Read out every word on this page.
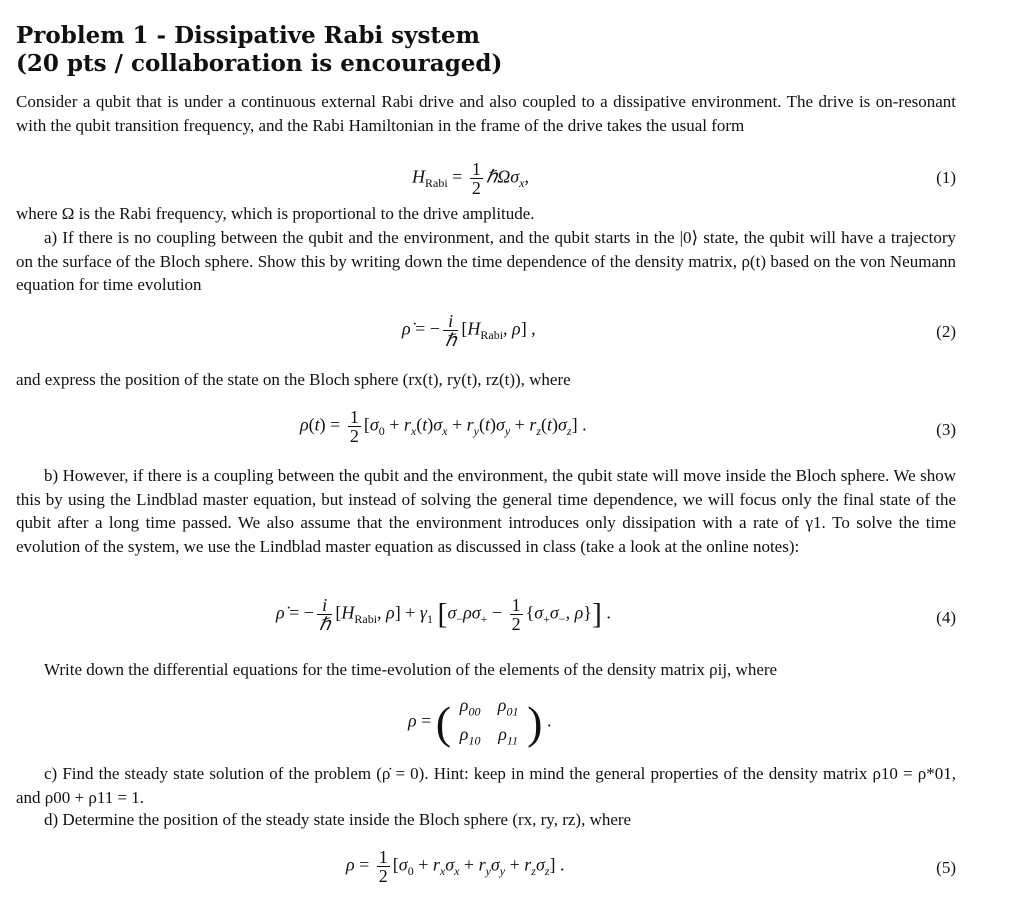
Problem 1 - Dissipative Rabi system
(20 pts / collaboration is encouraged)
Consider a qubit that is under a continuous external Rabi drive and also coupled to a dissipative environment. The drive is on-resonant with the qubit transition frequency, and the Rabi Hamiltonian in the frame of the drive takes the usual form
$H_{Rabi} = \frac{1}{2}$ ℏΩσ$_x$,	(1)
where Ω is the Rabi frequency, which is proportional to the drive amplitude.
a) If there is no coupling between the qubit and the environment, and the qubit starts in the |0⟩ state, the qubit will have a trajectory on the surface of the Bloch sphere. Show this by writing down the time dependence of the density matrix, ρ(t) based on the von Neumann equation for time evolution
ρ̇ = − $\frac{i}{\text{ℏ}} [H_{Rabi}$, ρ] ,	(2)
and express the position of the state on the Bloch sphere (rx(t), ry(t), rz(t)), where
$\rho(t) = \frac{1}{2} [\sigma_0 + r_x(t)\sigma_x + r_y(t)\sigma_y + r_z(t)\sigma_z]$ .	(3)
b) However, if there is a coupling between the qubit and the environment, the qubit state will move inside the Bloch sphere. We show this by using the Lindblad master equation, but instead of solving the general time dependence, we will focus only the final state of the qubit after a long time passed. We also assume that the environment introduces only dissipation with a rate of γ1. To solve the time evolution of the system, we use the Lindblad master equation as discussed in class (take a look at the online notes):
ρ̇ = − $\frac{i}{\text{ℏ}} [H_{Rabi}$, $\rho] + \gamma_1$ [$\sigma_-\rho\sigma_+ - \frac{1}{2} \{\sigma_+\sigma_-$, ρ}] .	(4)
Write down the differential equations for the time-evolution of the elements of the density matrix ρij, where
ρ = ( $\rho_{00}$ $\rho_{01}$
$\rho_{10}$ $\rho_{11}$ ) .
c) Find the steady state solution of the problem (ρ̇ = 0). Hint: keep in mind the general properties of the density matrix ρ10 = ρ*01, and ρ00 + ρ11 = 1.
d) Determine the position of the steady state inside the Bloch sphere (rx, ry, rz), where
$\rho = \frac{1}{2} [\sigma_0 + r_x\sigma_x + r_y\sigma_y + r_z\sigma_z]$ .	(5)
